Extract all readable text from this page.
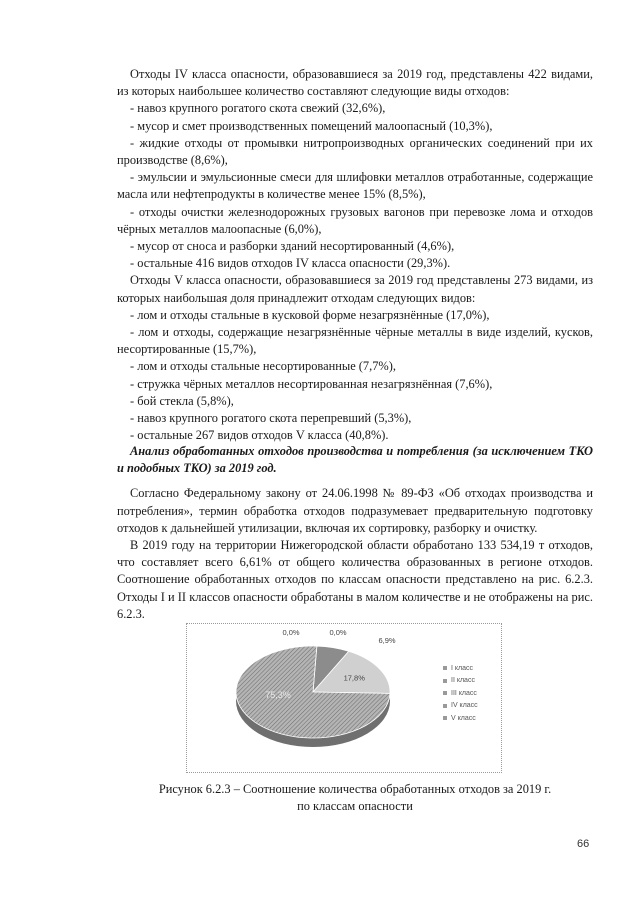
Отходы IV класса опасности, образовавшиеся за 2019 год, представлены 422 видами, из которых наибольшее количество составляют следующие виды отходов:

- навоз крупного рогатого скота свежий (32,6%),

- мусор и смет производственных помещений малоопасный (10,3%),

- жидкие отходы от промывки нитропроизводных органических соединений при их производстве (8,6%),

- эмульсии и эмульсионные смеси для шлифовки металлов отработанные, содержащие масла или нефтепродукты в количестве менее 15% (8,5%),

- отходы очистки железнодорожных грузовых вагонов при перевозке лома и отходов чёрных металлов малоопасные (6,0%),

- мусор от сноса и разборки зданий несортированный (4,6%),

- остальные 416 видов отходов IV класса опасности (29,3%).

Отходы V класса опасности, образовавшиеся за 2019 год представлены 273 видами, из которых наибольшая доля принадлежит отходам следующих видов:

- лом и отходы стальные в кусковой форме незагрязнённые (17,0%),

- лом и отходы, содержащие незагрязнённые чёрные металлы в виде изделий, кусков, несортированные (15,7%),

- лом и отходы стальные несортированные (7,7%),

- стружка чёрных металлов несортированная незагрязнённая (7,6%),

- бой стекла (5,8%),

- навоз крупного рогатого скота перепревший (5,3%),

- остальные 267 видов отходов V класса (40,8%).

Анализ обработанных отходов производства и потребления (за исключением ТКО и подобных ТКО) за 2019 год.

Согласно Федеральному закону от 24.06.1998 № 89-ФЗ «Об отходах производства и потребления», термин обработка отходов подразумевает предварительную подготовку отходов к дальнейшей утилизации, включая их сортировку, разборку и очистку.

В 2019 году на территории Нижегородской области обработано 133 534,19 т отходов, что составляет всего 6,61% от общего количества образованных в регионе отходов. Соотношение обработанных отходов по классам опасности представлено на рис. 6.2.3. Отходы I и II классов опасности обработаны в малом количестве и не отображены на рис. 6.2.3.

0,0%	0,0%
6,9%
17,8%
75,3%
I класс
II класс
III класс
IV класс
V класс
Рисунок 6.2.3 – Соотношение количества обработанных отходов за 2019 г.
по классам опасности
66
